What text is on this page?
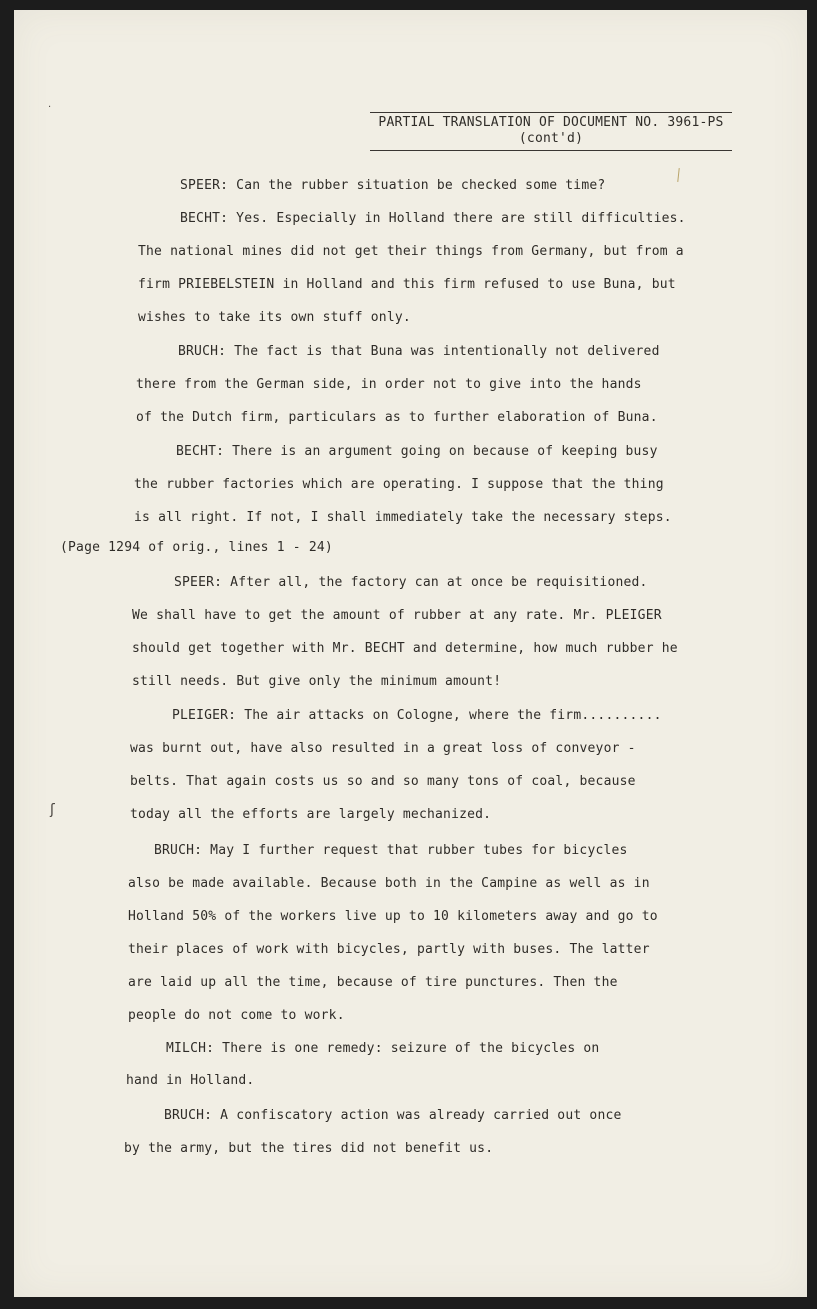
PARTIAL TRANSLATION OF DOCUMENT NO. 3961-PS
(cont'd)
·
ʃ
SPEER: Can the rubber situation be checked some time?
BECHT: Yes. Especially in Holland there are still difficulties.
The national mines did not get their things from Germany, but from a
firm PRIEBELSTEIN in Holland and this firm refused to use Buna, but
wishes to take its own stuff only.
BRUCH: The fact is that Buna was intentionally not delivered
there from the German side, in order not to give into the hands
of the Dutch firm, particulars as to further elaboration of Buna.
BECHT: There is an argument going on because of keeping busy
the rubber factories which are operating. I suppose that the thing
is all right. If not, I shall immediately take the necessary steps.
(Page 1294 of orig., lines 1 - 24)
SPEER: After all, the factory can at once be requisitioned.
We shall have to get the amount of rubber at any rate. Mr. PLEIGER
should get together with Mr. BECHT and determine, how much rubber he
still needs. But give only the minimum amount!
PLEIGER: The air attacks on Cologne, where the firm..........
was burnt out, have also resulted in a great loss of conveyor -
belts. That again costs us so and so many tons of coal, because
today all the efforts are largely mechanized.
BRUCH: May I further request that rubber tubes for bicycles
also be made available. Because both in the Campine as well as in
Holland 50% of the workers live up to 10 kilometers away and go to
their places of work with bicycles, partly with buses. The latter
are laid up all the time, because of tire punctures. Then the
people do not come to work.
MILCH: There is one remedy: seizure of the bicycles on
hand in Holland.
BRUCH: A confiscatory action was already carried out once
by the army, but the tires did not benefit us.
